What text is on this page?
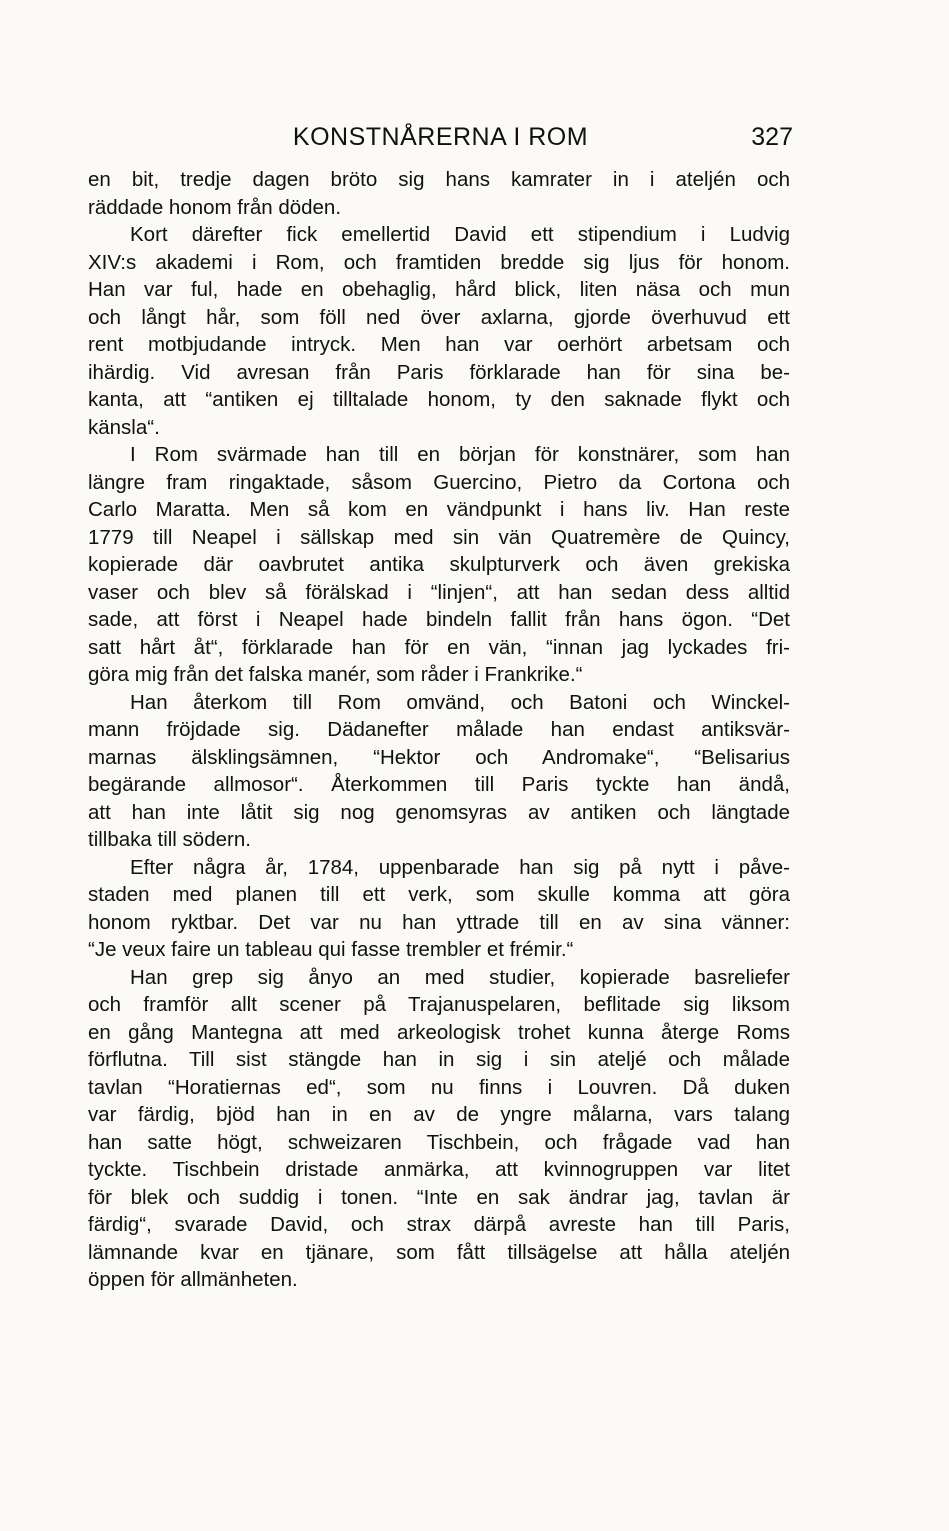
KONSTNÅRERNA I ROM	327
en bit, tredje dagen bröto sig hans kamrater in i ateljén och
räddade honom från döden.
Kort därefter fick emellertid David ett stipendium i Ludvig
XIV:s akademi i Rom, och framtiden bredde sig ljus för honom.
Han var ful, hade en obehaglig, hård blick, liten näsa och mun
och långt hår, som föll ned över axlarna, gjorde överhuvud ett
rent motbjudande intryck. Men han var oerhört arbetsam och
ihärdig. Vid avresan från Paris förklarade han för sina be-
kanta, att “antiken ej tilltalade honom, ty den saknade flykt och
känsla“.
I Rom svärmade han till en början för konstnärer, som han
längre fram ringaktade, såsom Guercino, Pietro da Cortona och
Carlo Maratta. Men så kom en vändpunkt i hans liv. Han reste
1779 till Neapel i sällskap med sin vän Quatremère de Quincy,
kopierade där oavbrutet antika skulpturverk och även grekiska
vaser och blev så förälskad i “linjen“, att han sedan dess alltid
sade, att först i Neapel hade bindeln fallit från hans ögon. “Det
satt hårt åt“, förklarade han för en vän, “innan jag lyckades fri-
göra mig från det falska manér, som råder i Frankrike.“
Han återkom till Rom omvänd, och Batoni och Winckel-
mann fröjdade sig. Dädanefter målade han endast antiksvär-
marnas älsklingsämnen, “Hektor och Andromake“, “Belisarius
begärande allmosor“. Återkommen till Paris tyckte han ändå,
att han inte låtit sig nog genomsyras av antiken och längtade
tillbaka till södern.
Efter några år, 1784, uppenbarade han sig på nytt i påve-
staden med planen till ett verk, som skulle komma att göra
honom ryktbar. Det var nu han yttrade till en av sina vänner:
“Je veux faire un tableau qui fasse trembler et frémir.“
Han grep sig ånyo an med studier, kopierade basreliefer
och framför allt scener på Trajanuspelaren, beflitade sig liksom
en gång Mantegna att med arkeologisk trohet kunna återge Roms
förflutna. Till sist stängde han in sig i sin ateljé och målade
tavlan “Horatiernas ed“, som nu finns i Louvren. Då duken
var färdig, bjöd han in en av de yngre målarna, vars talang
han satte högt, schweizaren Tischbein, och frågade vad han
tyckte. Tischbein dristade anmärka, att kvinnogruppen var litet
för blek och suddig i tonen. “Inte en sak ändrar jag, tavlan är
färdig“, svarade David, och strax därpå avreste han till Paris,
lämnande kvar en tjänare, som fått tillsägelse att hålla ateljén
öppen för allmänheten.
